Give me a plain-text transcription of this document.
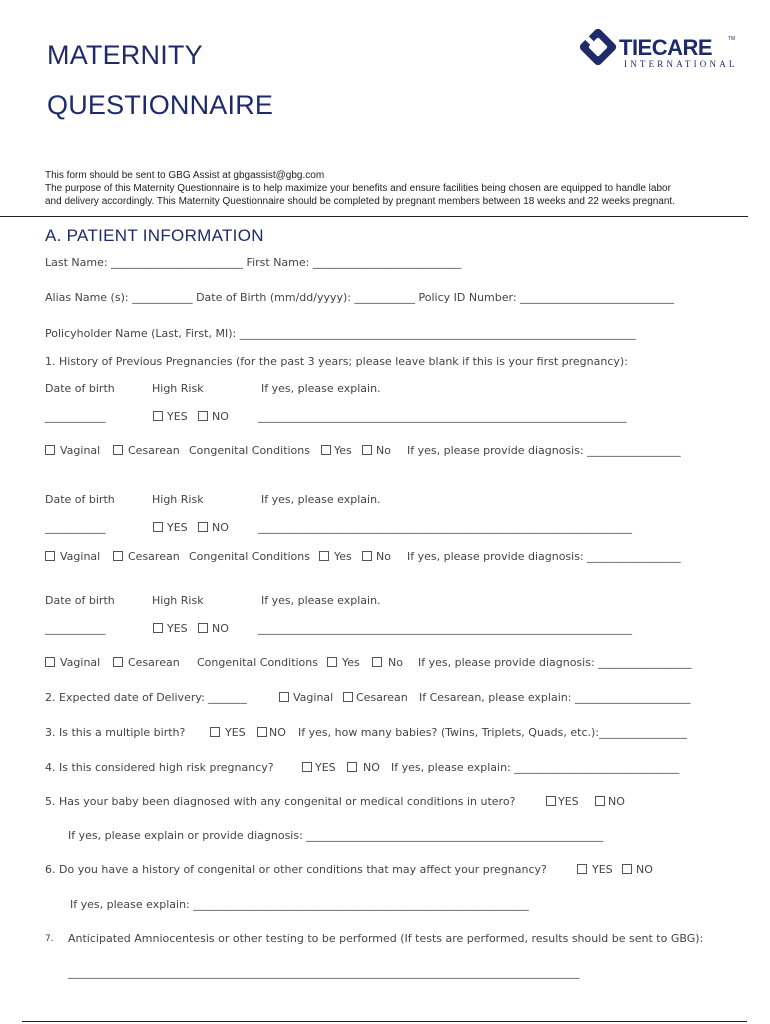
MATERNITY
QUESTIONNAIRE
TIECARE	TM
INTERNATIONAL
This form should be sent to GBG Assist at gbgassist@gbg.com
The purpose of this Maternity Questionnaire is to help maximize your benefits and ensure facilities being chosen are equipped to handle labor
and delivery accordingly. This Maternity Questionnaire should be completed by pregnant members between 18 weeks and 22 weeks pregnant.
A. PATIENT INFORMATION
Last Name: ________________________ First Name: ___________________________
Alias Name (s): ___________ Date of Birth (mm/dd/yyyy): ___________ Policy ID Number: ____________________________
Policyholder Name (Last, First, MI): ________________________________________________________________________
1. History of Previous Pregnancies (for the past 3 years; please leave blank if this is your first pregnancy):
Date of birth	High Risk	If yes, please explain.
___________	YES NO	___________________________________________________________________
Vaginal	Cesarean Congenital Conditions Yes No If yes, please provide diagnosis: _________________
Date of birth	High Risk	If yes, please explain.
___________	YES NO	____________________________________________________________________
Vaginal	Cesarean Congenital Conditions Yes No If yes, please provide diagnosis: _________________
Date of birth	High Risk	If yes, please explain.
___________	YES NO	____________________________________________________________________
Vaginal	Cesarean Congenital Conditions Yes	No If yes, please provide diagnosis: _________________
2. Expected date of Delivery: _______	Vaginal Cesarean If Cesarean, please explain: _____________________
3. Is this a multiple birth?	YES NO If yes, how many babies? (Twins, Triplets, Quads, etc.):________________
4. Is this considered high risk pregnancy?	YES NO If yes, please explain: ______________________________
5. Has your baby been diagnosed with any congenital or medical conditions in utero?	YES	NO
If yes, please explain or provide diagnosis: ______________________________________________________
6. Do you have a history of congenital or other conditions that may affect your pregnancy?	YES NO
If yes, please explain: _____________________________________________________________
7. Anticipated Amniocentesis or other testing to be performed (If tests are performed, results should be sent to GBG):
_____________________________________________________________________________________________
